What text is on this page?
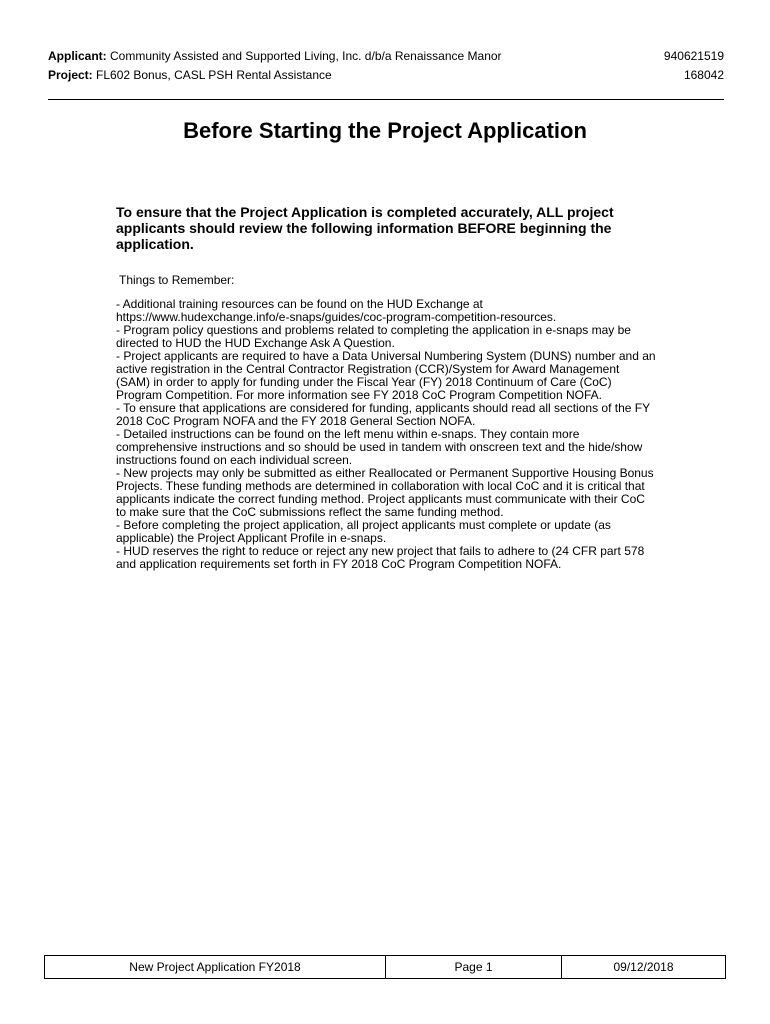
Applicant: Community Assisted and Supported Living, Inc. d/b/a Renaissance Manor	940621519
Project: FL602 Bonus, CASL PSH Rental Assistance	168042
Before Starting the Project Application
To ensure that the Project Application is completed accurately, ALL project applicants should review the following information BEFORE beginning the application.
Things to Remember:

- Additional training resources can be found on the HUD Exchange at https://www.hudexchange.info/e-snaps/guides/coc-program-competition-resources.

- Program policy questions and problems related to completing the application in e-snaps may be directed to HUD the HUD Exchange Ask A Question.

- Project applicants are required to have a Data Universal Numbering System (DUNS) number and an active registration in the Central Contractor Registration (CCR)/System for Award Management (SAM) in order to apply for funding under the Fiscal Year (FY) 2018 Continuum of Care (CoC) Program Competition. For more information see FY 2018 CoC Program Competition NOFA.

- To ensure that applications are considered for funding, applicants should read all sections of the FY 2018 CoC Program NOFA and the FY 2018 General Section NOFA.

- Detailed instructions can be found on the left menu within e-snaps. They contain more comprehensive instructions and so should be used in tandem with onscreen text and the hide/show instructions found on each individual screen.

- New projects may only be submitted as either Reallocated or Permanent Supportive Housing Bonus Projects. These funding methods are determined in collaboration with local CoC and it is critical that applicants indicate the correct funding method. Project applicants must communicate with their CoC to make sure that the CoC submissions reflect the same funding method.

- Before completing the project application, all project applicants must complete or update (as applicable) the Project Applicant Profile in e-snaps.

- HUD reserves the right to reduce or reject any new project that fails to adhere to (24 CFR part 578 and application requirements set forth in FY 2018 CoC Program Competition NOFA.

New Project Application FY2018	Page 1	09/12/2018
